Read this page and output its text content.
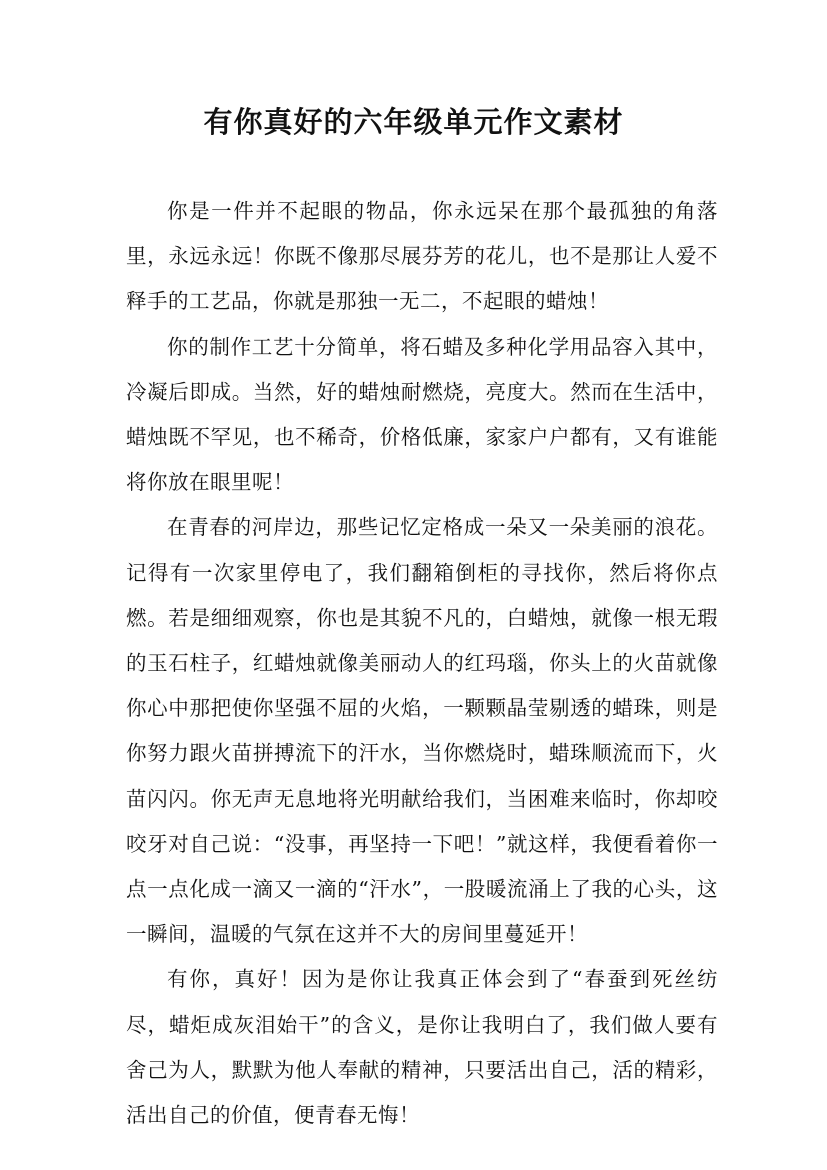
有你真好的六年级单元作文素材

你是一件并不起眼的物品，你永远呆在那个最孤独的角落里，永远永远！你既不像那尽展芬芳的花儿，也不是那让人爱不释手的工艺品，你就是那独一无二，不起眼的蜡烛！

你的制作工艺十分简单，将石蜡及多种化学用品容入其中，冷凝后即成。当然，好的蜡烛耐燃烧，亮度大。然而在生活中，蜡烛既不罕见，也不稀奇，价格低廉，家家户户都有，又有谁能将你放在眼里呢！

在青春的河岸边，那些记忆定格成一朵又一朵美丽的浪花。记得有一次家里停电了，我们翻箱倒柜的寻找你，然后将你点燃。若是细细观察，你也是其貌不凡的，白蜡烛，就像一根无瑕的玉石柱子，红蜡烛就像美丽动人的红玛瑙，你头上的火苗就像你心中那把使你坚强不屈的火焰，一颗颗晶莹剔透的蜡珠，则是你努力跟火苗拼搏流下的汗水，当你燃烧时，蜡珠顺流而下，火苗闪闪。你无声无息地将光明献给我们，当困难来临时，你却咬咬牙对自己说：“没事，再坚持一下吧！”就这样，我便看着你一点一点化成一滴又一滴的“汗水”，一股暖流涌上了我的心头，这一瞬间，温暖的气氛在这并不大的房间里蔓延开！

有你，真好！因为是你让我真正体会到了“春蚕到死丝纺尽，蜡炬成灰泪始干”的含义，是你让我明白了，我们做人要有舍己为人，默默为他人奉献的精神，只要活出自己，活的精彩，活出自己的价值，便青春无悔！
